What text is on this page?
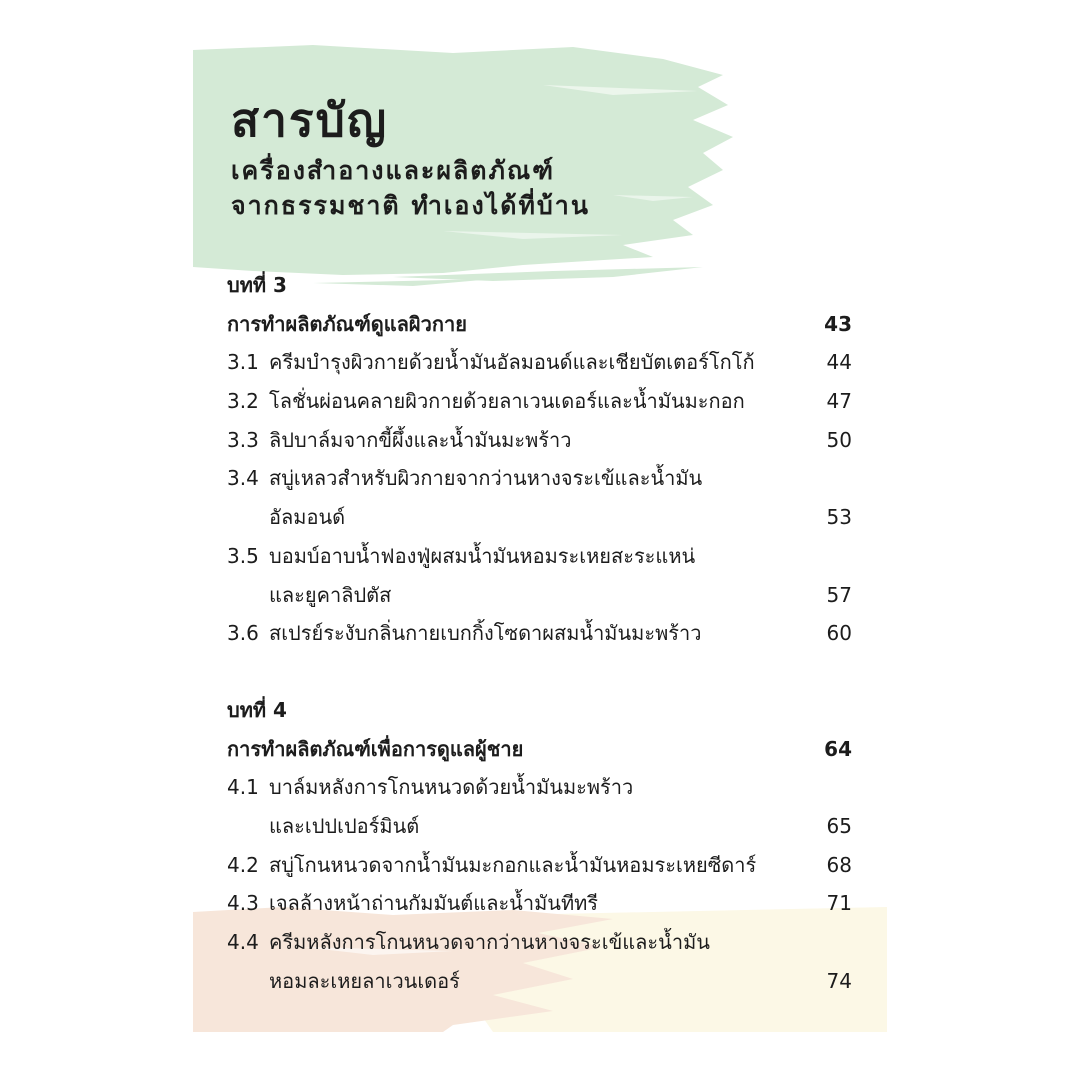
สารบัญ
เครื่องสำอางและผลิตภัณฑ์
จากธรรมชาติ ทำเองได้ที่บ้าน
บทที่ 3
การทำผลิตภัณฑ์ดูแลผิวกาย	43
3.1 ครีมบำรุงผิวกายด้วยน้ำมันอัลมอนด์และเชียบัตเตอร์โกโก้	44
3.2 โลชั่นผ่อนคลายผิวกายด้วยลาเวนเดอร์และน้ำมันมะกอก	47
3.3 ลิปบาล์มจากขี้ผึ้งและน้ำมันมะพร้าว	50
3.4 สบู่เหลวสำหรับผิวกายจากว่านหางจระเข้และน้ำมัน
อัลมอนด์	53
3.5 บอมบ์อาบน้ำฟองฟู่ผสมน้ำมันหอมระเหยสะระแหน่
และยูคาลิปตัส	57
3.6 สเปรย์ระงับกลิ่นกายเบกกิ้งโซดาผสมน้ำมันมะพร้าว	60
บทที่ 4
การทำผลิตภัณฑ์เพื่อการดูแลผู้ชาย	64
4.1 บาล์มหลังการโกนหนวดด้วยน้ำมันมะพร้าว
และเปปเปอร์มินต์	65
4.2 สบู่โกนหนวดจากน้ำมันมะกอกและน้ำมันหอมระเหยซีดาร์	68
4.3 เจลล้างหน้าถ่านกัมมันต์และน้ำมันทีทรี	71
4.4 ครีมหลังการโกนหนวดจากว่านหางจระเข้และน้ำมัน
หอมละเหยลาเวนเดอร์	74
